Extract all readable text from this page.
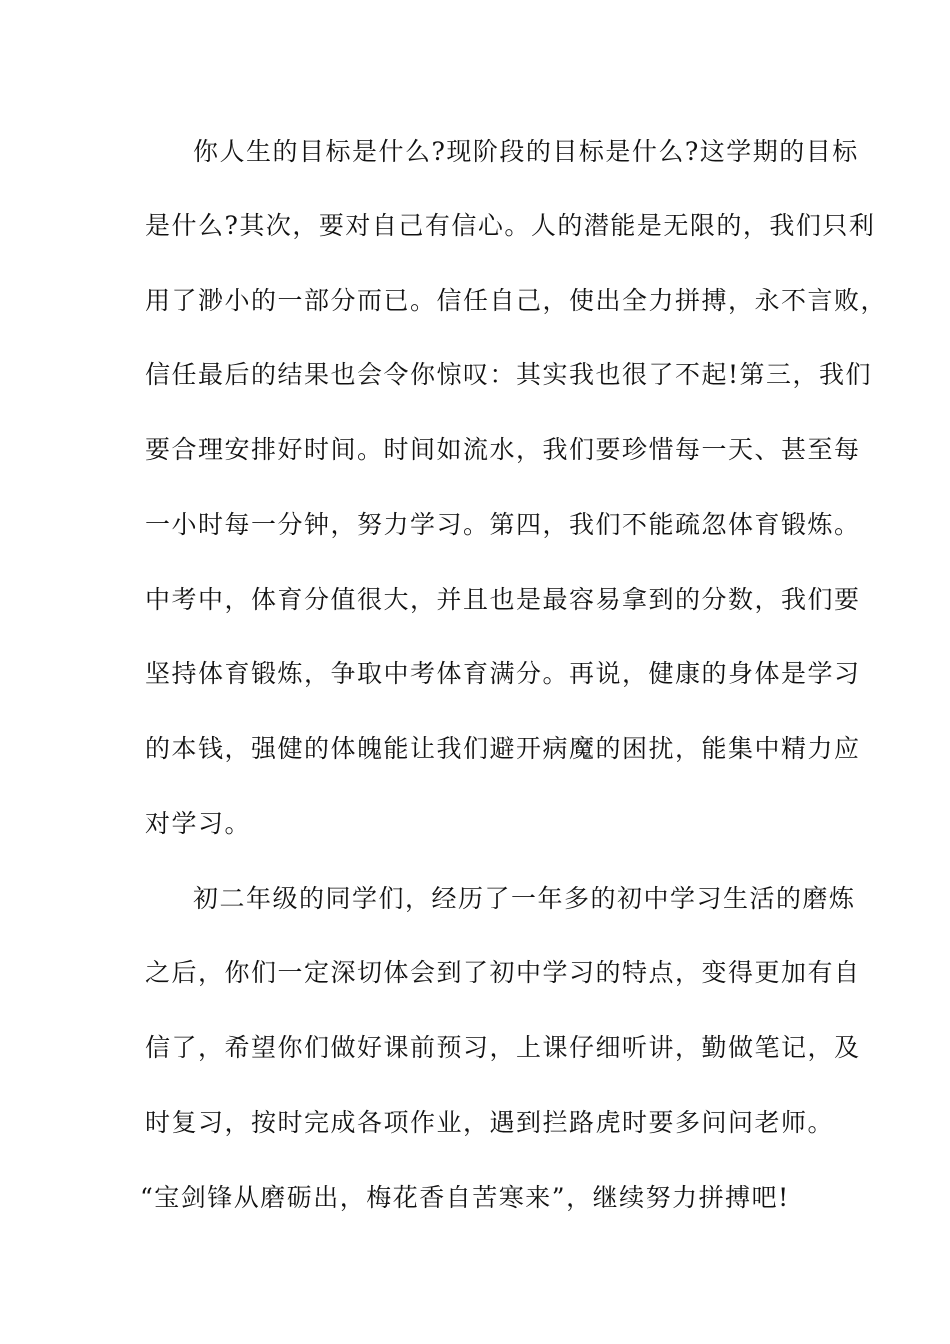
你人生的目标是什么?现阶段的目标是什么?这学期的目标
是什么?其次，要对自己有信心。人的潜能是无限的，我们只利
用了渺小的一部分而已。信任自己，使出全力拼搏，永不言败，
信任最后的结果也会令你惊叹：其实我也很了不起!第三，我们
要合理安排好时间。时间如流水，我们要珍惜每一天、甚至每
一小时每一分钟，努力学习。第四，我们不能疏忽体育锻炼。
中考中，体育分值很大，并且也是最容易拿到的分数，我们要
坚持体育锻炼，争取中考体育满分。再说，健康的身体是学习
的本钱，强健的体魄能让我们避开病魔的困扰，能集中精力应
对学习。
初二年级的同学们，经历了一年多的初中学习生活的磨炼
之后，你们一定深切体会到了初中学习的特点，变得更加有自
信了，希望你们做好课前预习，上课仔细听讲，勤做笔记，及
时复习，按时完成各项作业，遇到拦路虎时要多问问老师。
“宝剑锋从磨砺出，梅花香自苦寒来”，继续努力拼搏吧!
